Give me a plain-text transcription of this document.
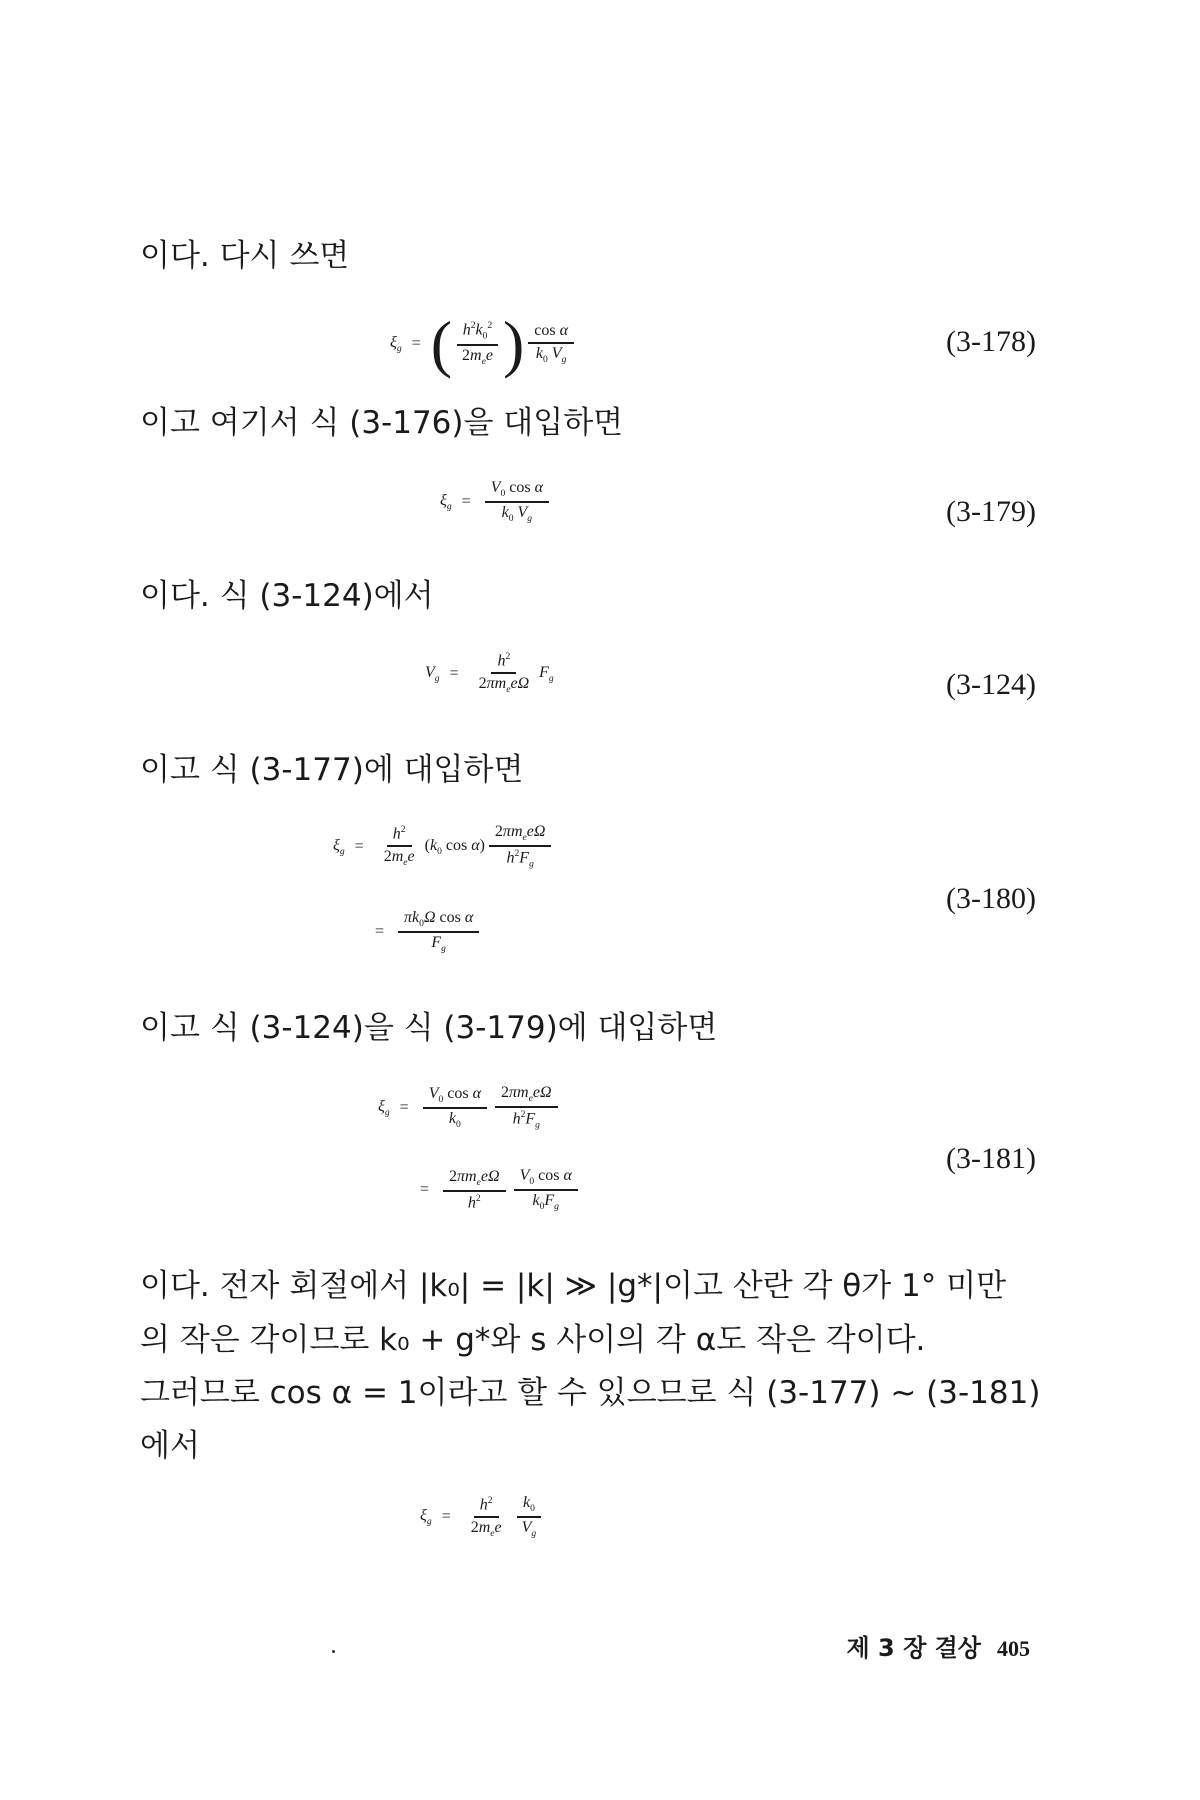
이다. 다시 쓰면
$\xi_g$ = ( $\frac{h^2k_0^2}{2m_ee}$ ) $\frac{\text{cos α}}{k_0 V_g}$	(3-178)
이고 여기서 식 (3-176)을 대입하면
$\xi_g = \frac{V_0 \cos \alpha}{k_0 V_g}$	(3-179)
이다. 식 (3-124)에서
$V_g = \frac{h^2}{2\pi m_ee\Omega} F_g$	(3-124)
이고 식 (3-177)에 대입하면
$\xi_g = \frac{h^2}{2m_ee} (k_0$ $\cos \alpha) \frac{2\pi m_ee\Omega}{h^2F_g}$
= $\frac{\pi k_0\Omega \cos \alpha}{F_g}$
(3-180)
이고 식 (3-124)을 식 (3-179)에 대입하면
$\xi_g = \frac{V_0 \cos \alpha}{k_0} \frac{2\pi m_ee\Omega}{h^2F_g}$
= $\frac{2\pi m_ee\Omega}{h^2} \frac{V_0 \cos \alpha}{k_0F_g}$
(3-181)
이다. 전자 회절에서 |k₀| = |k| ≫ |g*|이고 산란 각 θ가 1° 미만
의 작은 각이므로 k₀ + g*와 s 사이의 각 α도 작은 각이다.
그러므로 cos α = 1이라고 할 수 있으므로 식 (3-177) ~ (3-181)
에서
$\xi_g = \frac{h^2}{2m_ee} \frac{k_0}{V_g}$
제 3 장 결상 405
